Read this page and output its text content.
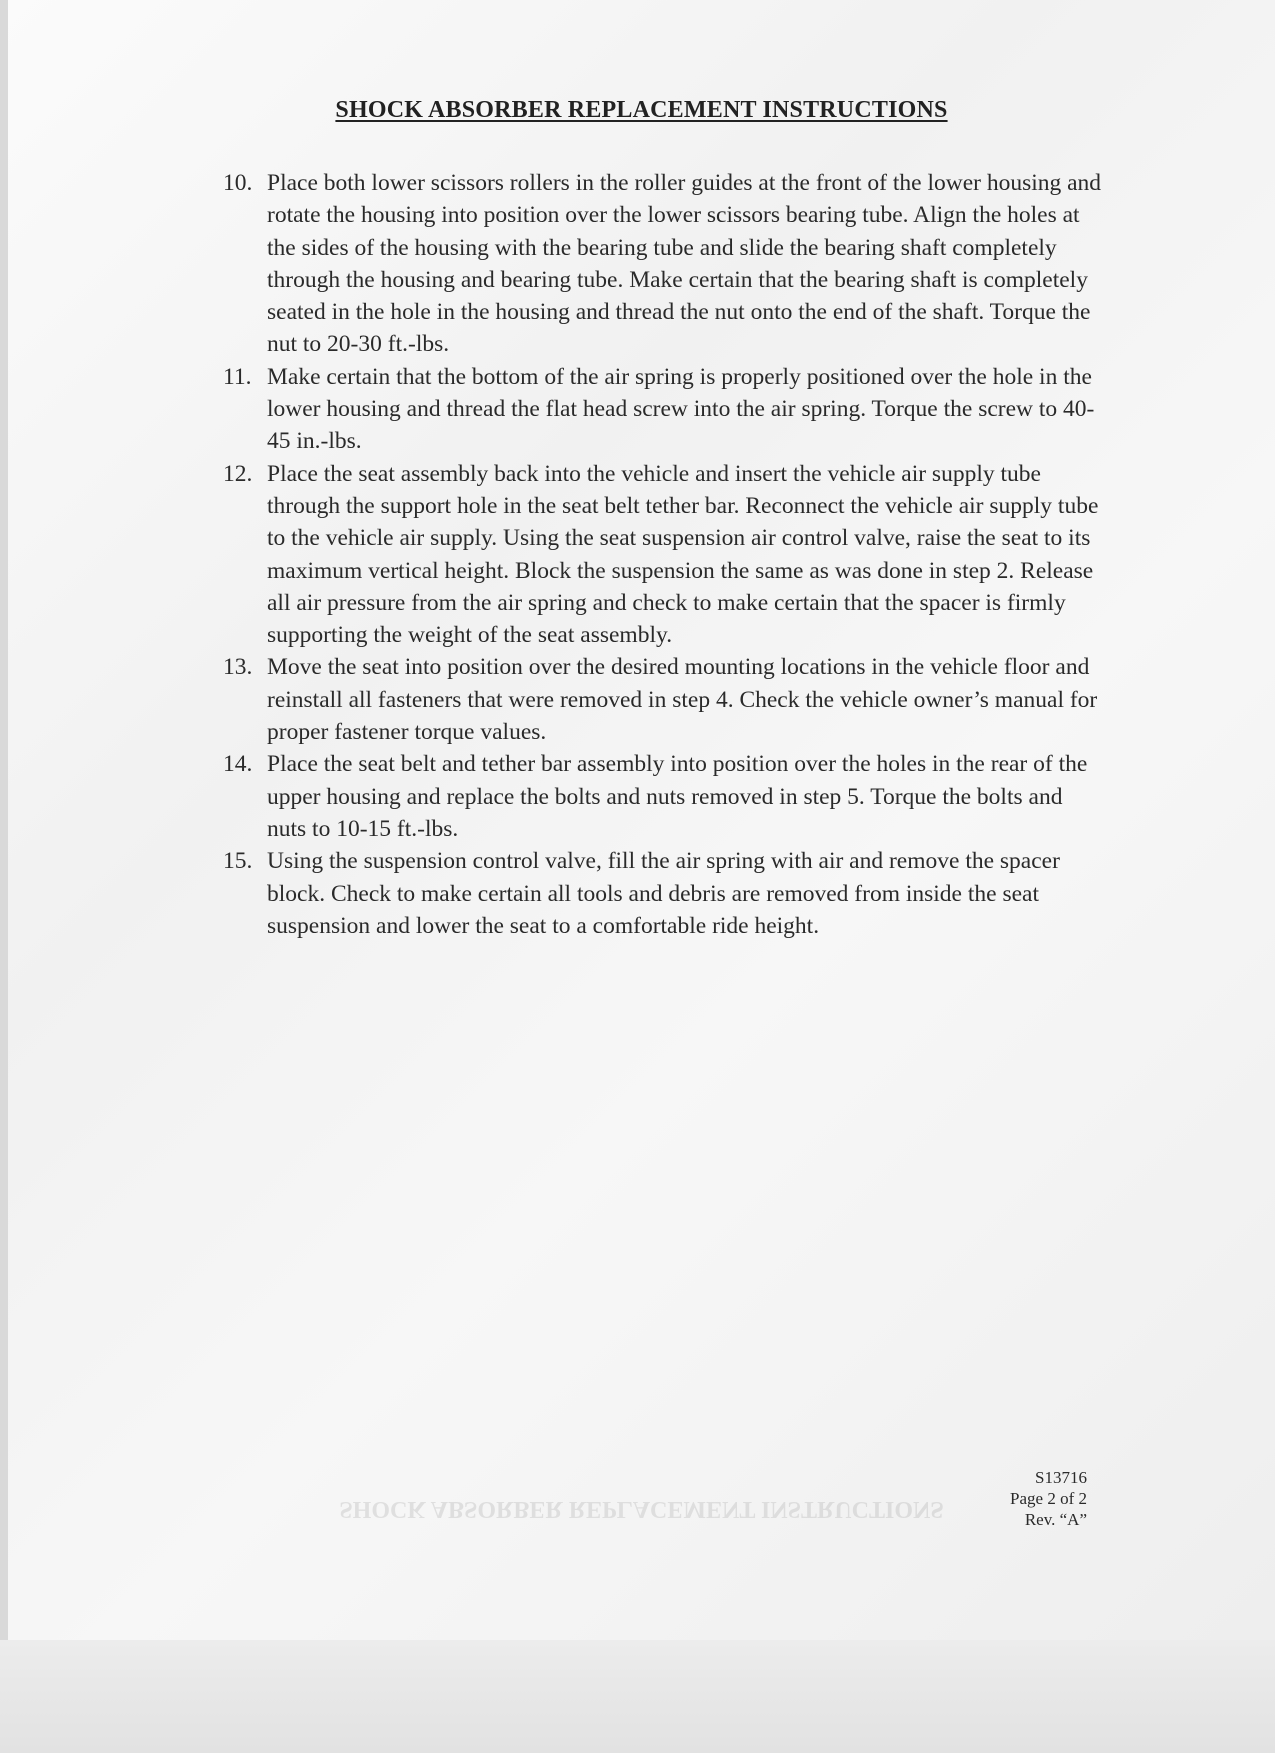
SHOCK ABSORBER REPLACEMENT INSTRUCTIONS
SHOCK ABSORBER REPLACEMENT INSTRUCTIONS
10. Place both lower scissors rollers in the roller guides at the front of the lower housing and rotate the housing into position over the lower scissors bearing tube. Align the holes at the sides of the housing with the bearing tube and slide the bearing shaft completely through the housing and bearing tube. Make certain that the bearing shaft is completely seated in the hole in the housing and thread the nut onto the end of the shaft. Torque the nut to 20-30 ft.-lbs.
11. Make certain that the bottom of the air spring is properly positioned over the hole in the lower housing and thread the flat head screw into the air spring. Torque the screw to 40-45 in.-lbs.
12. Place the seat assembly back into the vehicle and insert the vehicle air supply tube through the support hole in the seat belt tether bar. Reconnect the vehicle air supply tube to the vehicle air supply. Using the seat suspension air control valve, raise the seat to its maximum vertical height. Block the suspension the same as was done in step 2. Release all air pressure from the air spring and check to make certain that the spacer is firmly supporting the weight of the seat assembly.
13. Move the seat into position over the desired mounting locations in the vehicle floor and reinstall all fasteners that were removed in step 4. Check the vehicle owner’s manual for proper fastener torque values.
14. Place the seat belt and tether bar assembly into position over the holes in the rear of the upper housing and replace the bolts and nuts removed in step 5. Torque the bolts and nuts to 10-15 ft.-lbs.
15. Using the suspension control valve, fill the air spring with air and remove the spacer block. Check to make certain all tools and debris are removed from inside the seat suspension and lower the seat to a comfortable ride height.
S13716
Page 2 of 2
Rev. “A”
